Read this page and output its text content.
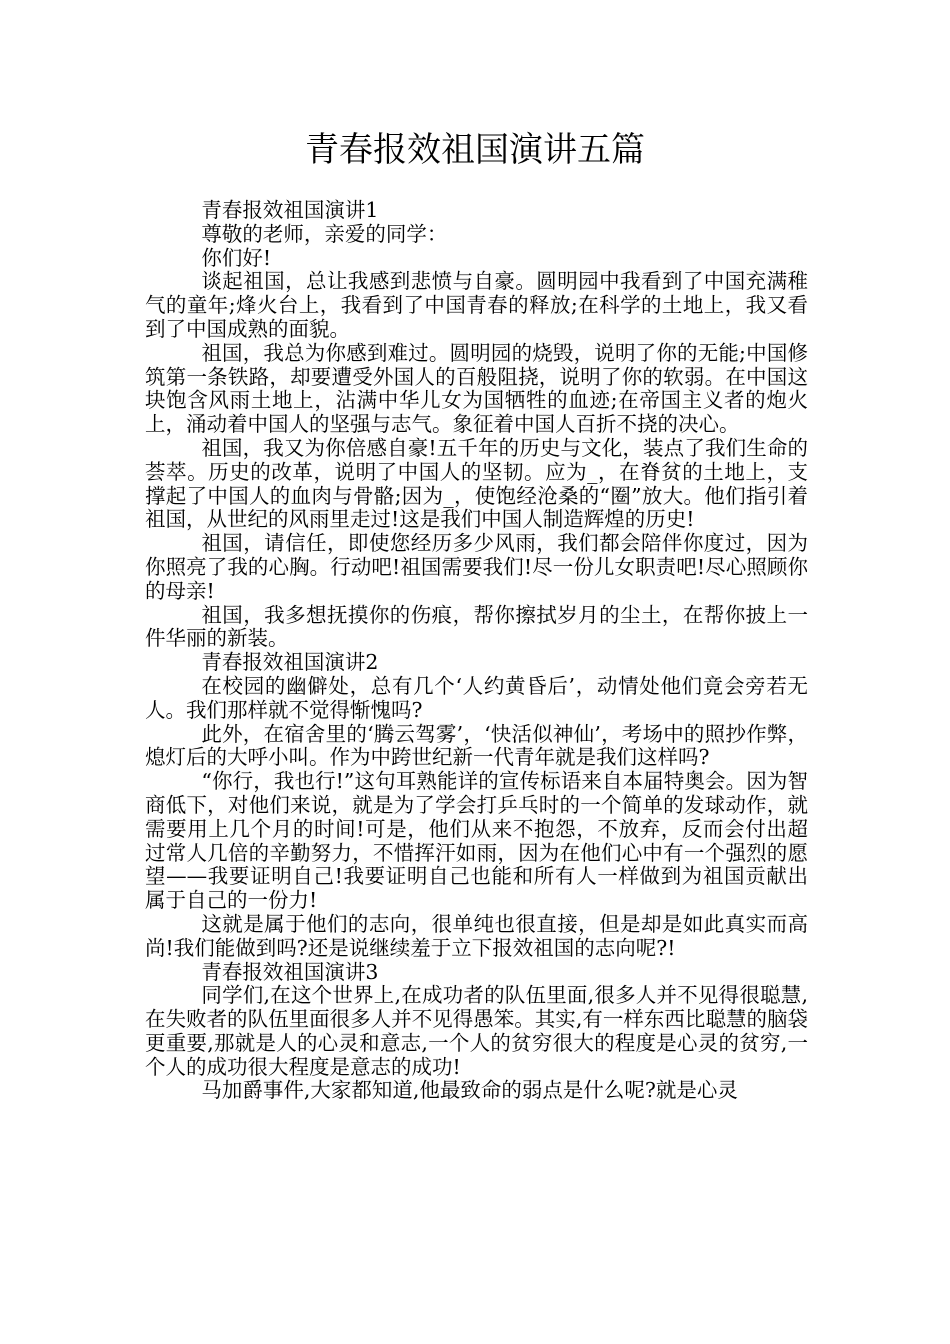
青春报效祖国演讲五篇

青春报效祖国演讲1

尊敬的老师，亲爱的同学：

你们好!

谈起祖国，总让我感到悲愤与自豪。圆明园中我看到了中国充满稚气的童年;烽火台上，我看到了中国青春的释放;在科学的土地上，我又看到了中国成熟的面貌。

祖国，我总为你感到难过。圆明园的烧毁，说明了你的无能;中国修筑第一条铁路，却要遭受外国人的百般阻挠，说明了你的软弱。在中国这块饱含风雨土地上，沾满中华儿女为国牺牲的血迹;在帝国主义者的炮火上，涌动着中国人的坚强与志气。象征着中国人百折不挠的决心。

祖国，我又为你倍感自豪!五千年的历史与文化，装点了我们生命的荟萃。历史的改革，说明了中国人的坚韧。应为_，在脊贫的土地上，支撑起了中国人的血肉与骨骼;因为_，使饱经沧桑的“圈”放大。他们指引着祖国，从世纪的风雨里走过!这是我们中国人制造辉煌的历史!

祖国，请信任，即使您经历多少风雨，我们都会陪伴你度过，因为你照亮了我的心胸。行动吧!祖国需要我们!尽一份儿女职责吧!尽心照顾你的母亲!

祖国，我多想抚摸你的伤痕，帮你擦拭岁月的尘土，在帮你披上一件华丽的新装。

青春报效祖国演讲2

在校园的幽僻处，总有几个‘人约黄昏后’，动情处他们竟会旁若无人。我们那样就不觉得惭愧吗?

此外，在宿舍里的‘腾云驾雾’，‘快活似神仙’，考场中的照抄作弊，熄灯后的大呼小叫。作为中跨世纪新一代青年就是我们这样吗?

“你行，我也行!”这句耳熟能详的宣传标语来自本届特奥会。因为智商低下，对他们来说，就是为了学会打乒乓时的一个简单的发球动作，就需要用上几个月的时间!可是，他们从来不抱怨，不放弃，反而会付出超过常人几倍的辛勤努力，不惜挥汗如雨，因为在他们心中有一个强烈的愿望——我要证明自己!我要证明自己也能和所有人一样做到为祖国贡献出属于自己的一份力!

这就是属于他们的志向，很单纯也很直接，但是却是如此真实而高尚!我们能做到吗?还是说继续羞于立下报效祖国的志向呢?!

青春报效祖国演讲3

同学们,在这个世界上,在成功者的队伍里面,很多人并不见得很聪慧,在失败者的队伍里面很多人并不见得愚笨。其实,有一样东西比聪慧的脑袋更重要,那就是人的心灵和意志,一个人的贫穷很大的程度是心灵的贫穷,一个人的成功很大程度是意志的成功!

马加爵事件,大家都知道,他最致命的弱点是什么呢?就是心灵
